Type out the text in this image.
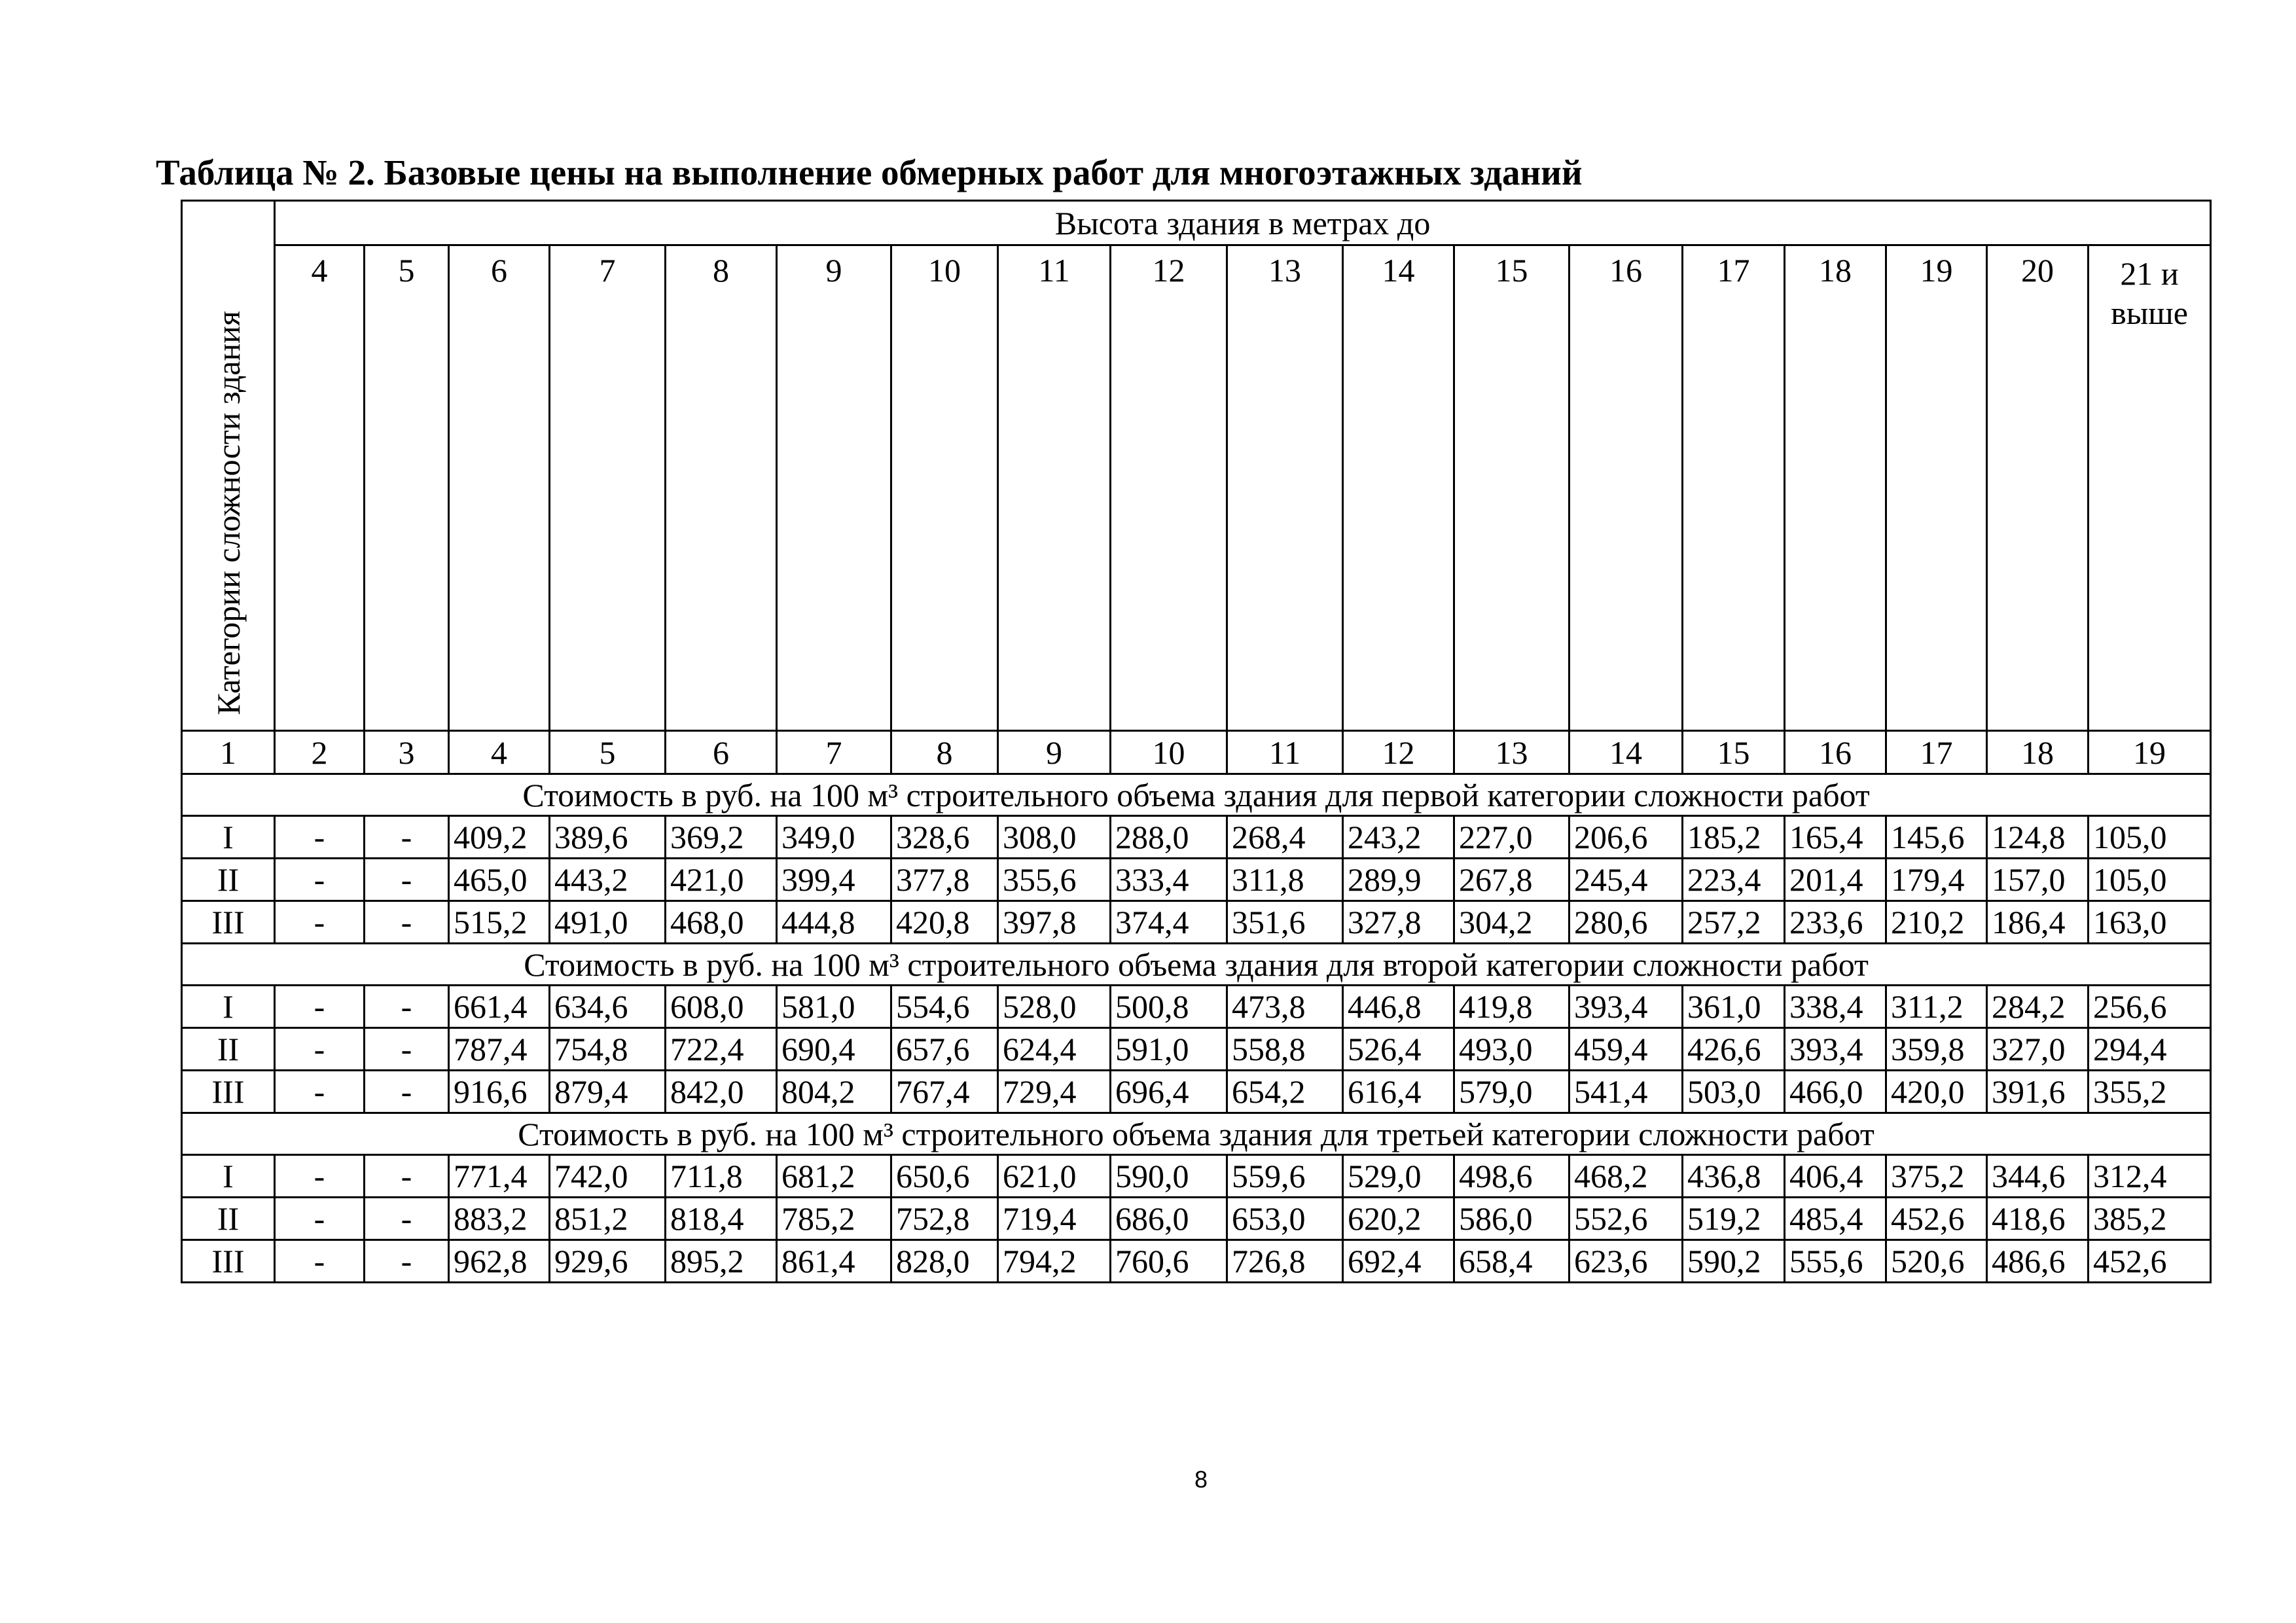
Таблица № 2. Базовые цены на выполнение обмерных работ для многоэтажных зданий
Категории сложности здания	Высота здания в метрах до																	
	4	5	6	7	8	9	10	11	12	13	14	15	16	17	18	19	20	21 и выше
1	2	3	4	5	6	7	8	9	10	11	12	13	14	15	16	17	18	19
Стоимость в руб. на 100 м³ строительного объема здания для первой категории сложности работ																		
I	-	-	409,2	389,6	369,2	349,0	328,6	308,0	288,0	268,4	243,2	227,0	206,6	185,2	165,4	145,6	124,8	105,0
II	-	-	465,0	443,2	421,0	399,4	377,8	355,6	333,4	311,8	289,9	267,8	245,4	223,4	201,4	179,4	157,0	105,0
III	-	-	515,2	491,0	468,0	444,8	420,8	397,8	374,4	351,6	327,8	304,2	280,6	257,2	233,6	210,2	186,4	163,0
Стоимость в руб. на 100 м³ строительного объема здания для второй категории сложности работ																		
I	-	-	661,4	634,6	608,0	581,0	554,6	528,0	500,8	473,8	446,8	419,8	393,4	361,0	338,4	311,2	284,2	256,6
II	-	-	787,4	754,8	722,4	690,4	657,6	624,4	591,0	558,8	526,4	493,0	459,4	426,6	393,4	359,8	327,0	294,4
III	-	-	916,6	879,4	842,0	804,2	767,4	729,4	696,4	654,2	616,4	579,0	541,4	503,0	466,0	420,0	391,6	355,2
Стоимость в руб. на 100 м³ строительного объема здания для третьей категории сложности работ																		
I	-	-	771,4	742,0	711,8	681,2	650,6	621,0	590,0	559,6	529,0	498,6	468,2	436,8	406,4	375,2	344,6	312,4
II	-	-	883,2	851,2	818,4	785,2	752,8	719,4	686,0	653,0	620,2	586,0	552,6	519,2	485,4	452,6	418,6	385,2
III	-	-	962,8	929,6	895,2	861,4	828,0	794,2	760,6	726,8	692,4	658,4	623,6	590,2	555,6	520,6	486,6	452,6
8
